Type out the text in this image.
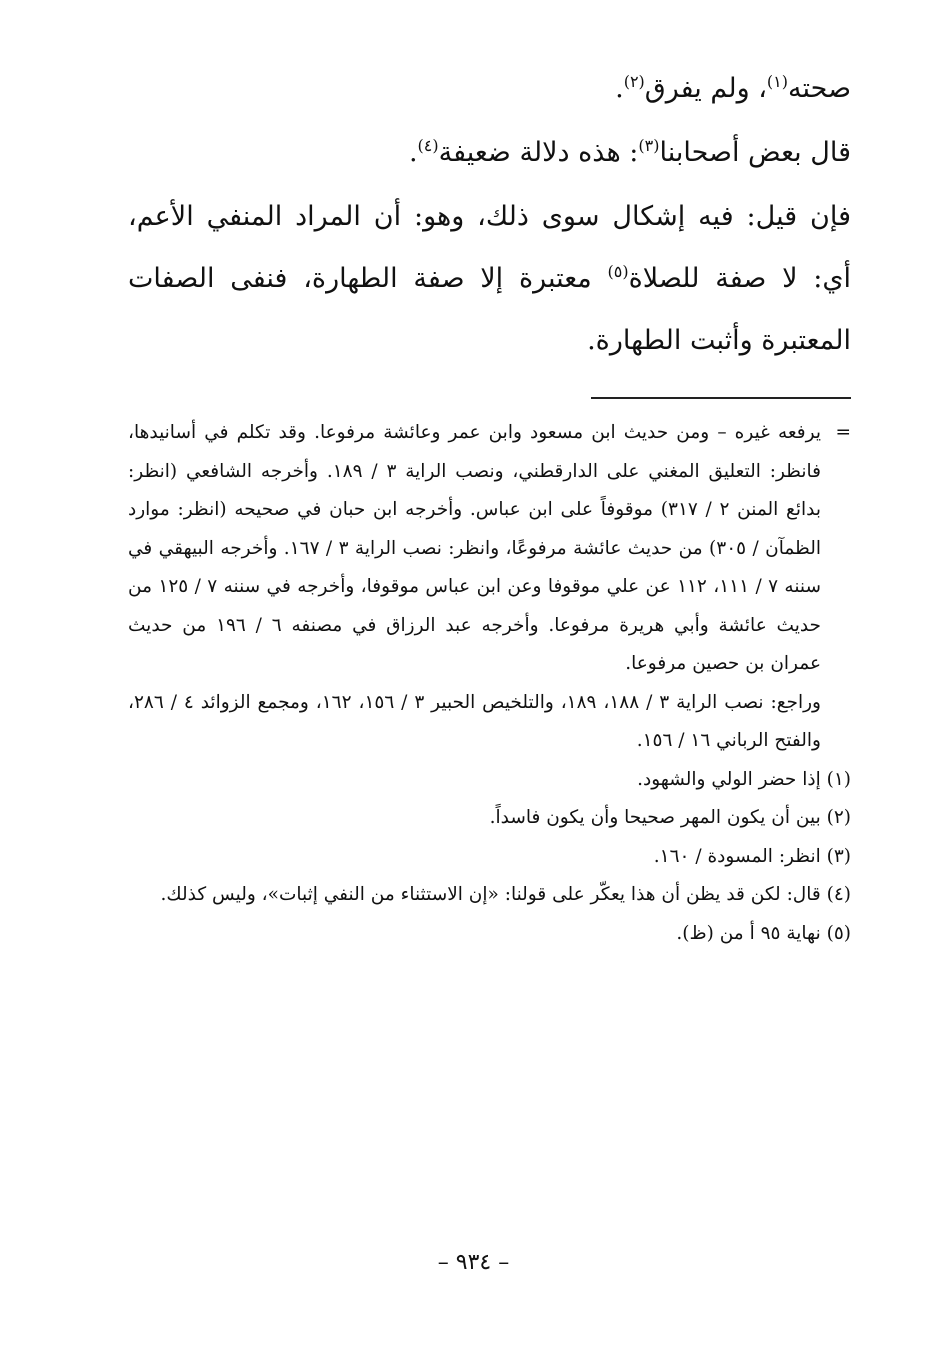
صحته$^{(١)}$، ولم يفرق$^{(٢)}$.

قال بعض أصحابنا$^{(٣)}$: هذه دلالة ضعيفة$^{(٤)}$.

فإن قيل: فيه إشكال سوى ذلك، وهو: أن المراد المنفي الأعم، أي: لا صفة للصلاة$^{(٥)}$ معتبرة إلا صفة الطهارة، فنفى الصفات المعتبرة وأثبت الطهارة.

=
يرفعه غيره – ومن حديث ابن مسعود وابن عمر وعائشة مرفوعا. وقد تكلم في أسانيدها، فانظر: التعليق المغني على الدارقطني، ونصب الراية ٣ / ١٨٩. وأخرجه الشافعي (انظر: بدائع المنن ٢ / ٣١٧) موقوفاً على ابن عباس. وأخرجه ابن حبان في صحيحه (انظر: موارد الظمآن / ٣٠٥) من حديث عائشة مرفوعًا، وانظر: نصب الراية ٣ / ١٦٧. وأخرجه البيهقي في سننه ٧ / ١١١، ١١٢ عن علي موقوفا وعن ابن عباس موقوفا، وأخرجه في سننه ٧ / ١٢٥ من حديث عائشة وأبي هريرة مرفوعا. وأخرجه عبد الرزاق في مصنفه ٦ / ١٩٦ من حديث عمران بن حصين مرفوعا.

وراجع: نصب الراية ٣ / ١٨٨، ١٨٩، والتلخيص الحبير ٣ / ١٥٦، ١٦٢، ومجمع الزوائد ٤ / ٢٨٦، والفتح الرباني ١٦ / ١٥٦.

(١) إذا حضر الولي والشهود.

(٢) بين أن يكون المهر صحيحا وأن يكون فاسداً.

(٣) انظر: المسودة / ١٦٠.

(٤) قال: لكن قد يظن أن هذا يعكّر على قولنا: «إن الاستثناء من النفي إثبات»، وليس كذلك.

(٥) نهاية ٩٥ أ من (ظ).

– ٩٣٤ –
